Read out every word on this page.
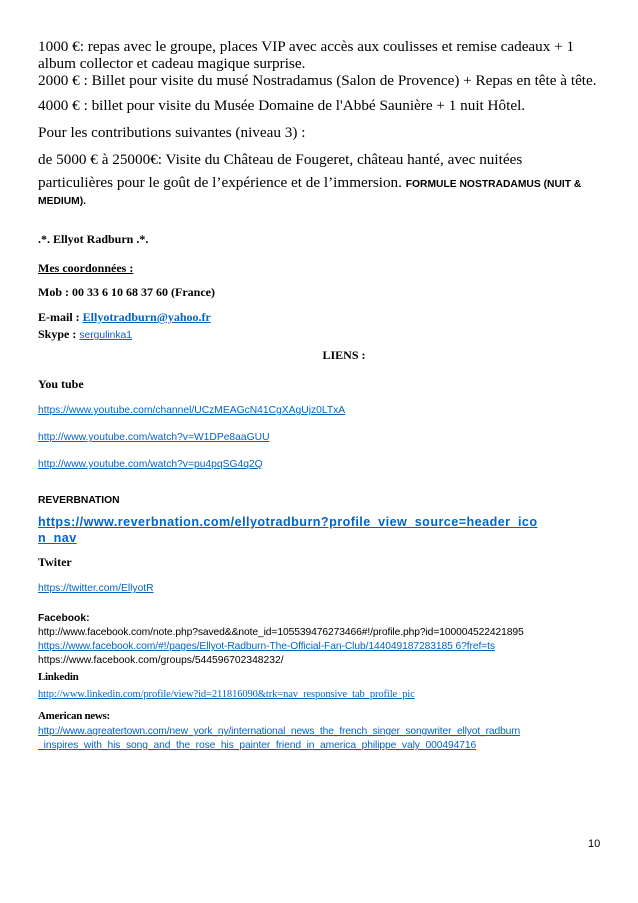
1000 €: repas avec le groupe, places VIP avec accès aux coulisses et remise cadeaux + 1

album collector et cadeau magique surprise.

2000 € : Billet pour visite du musé Nostradamus (Salon de Provence) + Repas en tête à tête.

4000 € : billet pour visite du Musée Domaine de l'Abbé Saunière + 1 nuit Hôtel.

Pour les contributions suivantes (niveau 3) :

de 5000 € à 25000€: Visite du Château de Fougeret, château hanté, avec nuitées

particulières pour le goût de l’expérience et de l’immersion. FORMULE NOSTRADAMUS (NUIT &

MEDIUM).

.*. Ellyot Radburn .*.

Mes coordonnées :

Mob : 00 33 6 10 68 37 60 (France)

E-mail : Ellyotradburn@yahoo.fr

Skype : sergulinka1

LIENS :

You tube

https://www.youtube.com/channel/UCzMEAGcN41CgXAgUjz0LTxA
http://www.youtube.com/watch?v=W1DPe8aaGUU
http://www.youtube.com/watch?v=pu4pqSG4q2Q

REVERBNATION

https://www.reverbnation.com/ellyotradburn?profile_view_source=header_ico
n_nav

Twiter

https://twitter.com/EllyotR

Facebook:

http://www.facebook.com/note.php?saved&&note_id=105539476273466#!/profile.php?id=100004522421895
https://www.facebook.com/#!/pages/Ellyot-Radburn-The-Official-Fan-Club/144049187283185 6?fref=ts
https://www.facebook.com/groups/544596702348232/

Linkedin

http://www.linkedin.com/profile/view?id=211816090&trk=nav_responsive_tab_profile_pic

American news:

http://www.agreatertown.com/new_york_ny/international_news_the_french_singer_songwriter_ellyot_radburn
_inspires_with_his_song_and_the_rose_his_painter_friend_in_america_philippe_valy_000494716
10
